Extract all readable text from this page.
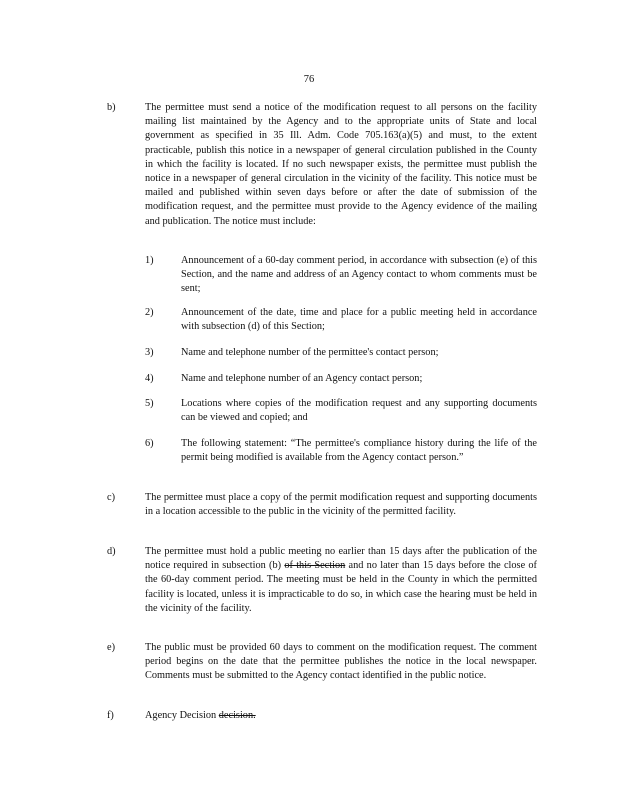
76
b)	The permittee must send a notice of the modification request to all persons on the facility mailing list maintained by the Agency and to the appropriate units of State and local government as specified in 35 Ill. Adm. Code 705.163(a)(5) and must, to the extent practicable, publish this notice in a newspaper of general circulation published in the County in which the facility is located. If no such newspaper exists, the permittee must publish the notice in a newspaper of general circulation in the vicinity of the facility. This notice must be mailed and published within seven days before or after the date of submission of the modification request, and the permittee must provide to the Agency evidence of the mailing and publication. The notice must include:
1)	Announcement of a 60-day comment period, in accordance with subsection (e) of this Section, and the name and address of an Agency contact to whom comments must be sent;
2)	Announcement of the date, time and place for a public meeting held in accordance with subsection (d) of this Section;
3)	Name and telephone number of the permittee's contact person;
4)	Name and telephone number of an Agency contact person;
5)	Locations where copies of the modification request and any supporting documents can be viewed and copied; and
6)	The following statement: “The permittee's compliance history during the life of the permit being modified is available from the Agency contact person.”
c)	The permittee must place a copy of the permit modification request and supporting documents in a location accessible to the public in the vicinity of the permitted facility.
d)	The permittee must hold a public meeting no earlier than 15 days after the publication of the notice required in subsection (b) of this Section and no later than 15 days before the close of the 60-day comment period. The meeting must be held in the County in which the permitted facility is located, unless it is impracticable to do so, in which case the hearing must be held in the vicinity of the facility.
e)	The public must be provided 60 days to comment on the modification request. The comment period begins on the date that the permittee publishes the notice in the local newspaper. Comments must be submitted to the Agency contact identified in the public notice.
f)	Agency Decision decision.
